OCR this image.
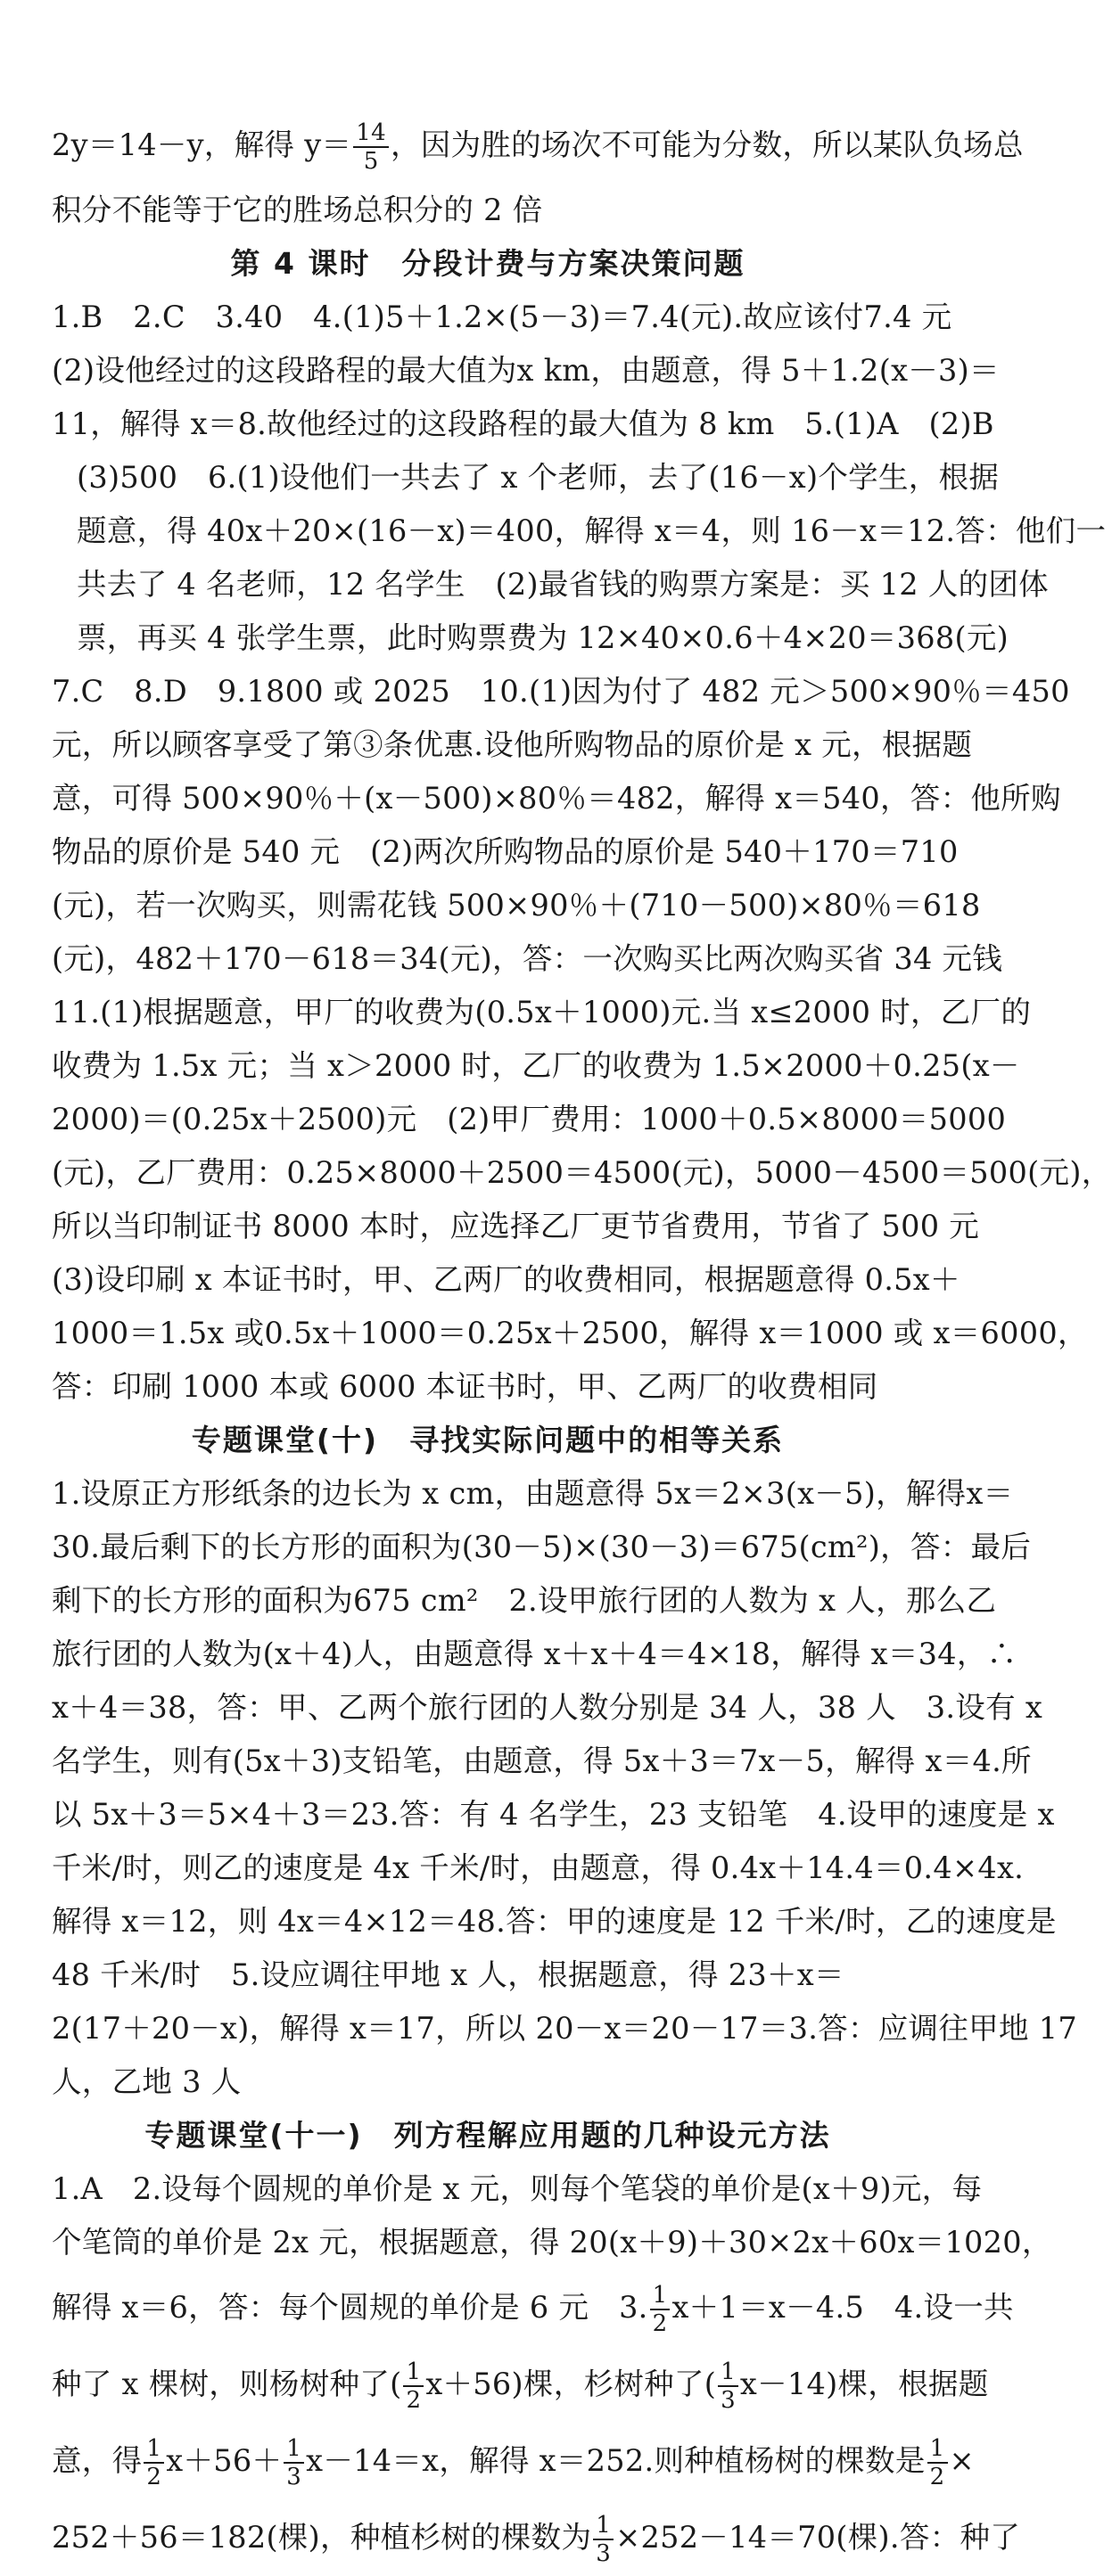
2y＝14－y，解得 $y= \frac{14}{5}$ ，因为胜的场次不可能为分数，所以某队负场总
积分不能等于它的胜场总积分的 2 倍
第 4 课时　分段计费与方案决策问题
1.B　2.C　3.40　4.(1)5＋1.2×(5－3)＝7.4(元).故应该付7.4 元
(2)设他经过的这段路程的最大值为x km，由题意，得 5＋1.2(x－3)＝
11，解得 x＝8.故他经过的这段路程的最大值为 8 km　5.(1)A　(2)B
(3)500　6.(1)设他们一共去了 x 个老师，去了(16－x)个学生，根据
题意，得 40x＋20×(16－x)＝400，解得 x＝4，则 16－x＝12.答：他们一
共去了 4 名老师，12 名学生　(2)最省钱的购票方案是：买 12 人的团体
票，再买 4 张学生票，此时购票费为 12×40×0.6＋4×20＝368(元)
7.C　8.D　9.1800 或 2025　10.(1)因为付了 482 元＞500×90％＝450
元，所以顾客享受了第③条优惠.设他所购物品的原价是 x 元，根据题
意，可得 500×90％＋(x－500)×80％＝482，解得 x＝540，答：他所购
物品的原价是 540 元　(2)两次所购物品的原价是 540＋170＝710
(元)，若一次购买，则需花钱 500×90％＋(710－500)×80％＝618
(元)，482＋170－618＝34(元)，答：一次购买比两次购买省 34 元钱
11.(1)根据题意，甲厂的收费为(0.5x＋1000)元.当 x≤2000 时，乙厂的
收费为 1.5x 元；当 x＞2000 时，乙厂的收费为 1.5×2000＋0.25(x－
2000)＝(0.25x＋2500)元　(2)甲厂费用：1000＋0.5×8000＝5000
(元)，乙厂费用：0.25×8000＋2500＝4500(元)，5000－4500＝500(元)，
所以当印制证书 8000 本时，应选择乙厂更节省费用，节省了 500 元
(3)设印刷 x 本证书时，甲、乙两厂的收费相同，根据题意得 0.5x＋
1000＝1.5x 或0.5x＋1000＝0.25x＋2500，解得 x＝1000 或 x＝6000，
答：印刷 1000 本或 6000 本证书时，甲、乙两厂的收费相同
专题课堂(十)　寻找实际问题中的相等关系
1.设原正方形纸条的边长为 x cm，由题意得 5x＝2×3(x－5)，解得x＝
30.最后剩下的长方形的面积为(30－5)×(30－3)＝675(cm²)，答：最后
剩下的长方形的面积为675 cm²　2.设甲旅行团的人数为 x 人，那么乙
旅行团的人数为(x＋4)人，由题意得 x＋x＋4＝4×18，解得 x＝34，∴
x＋4＝38，答：甲、乙两个旅行团的人数分别是 34 人，38 人　3.设有 x
名学生，则有(5x＋3)支铅笔，由题意，得 5x＋3＝7x－5，解得 x＝4.所
以 5x＋3＝5×4＋3＝23.答：有 4 名学生，23 支铅笔　4.设甲的速度是 x
千米/时，则乙的速度是 4x 千米/时，由题意，得 0.4x＋14.4＝0.4×4x.
解得 x＝12，则 4x＝4×12＝48.答：甲的速度是 12 千米/时，乙的速度是
48 千米/时　5.设应调往甲地 x 人，根据题意，得 23＋x＝
2(17＋20－x)，解得 x＝17，所以 20－x＝20－17＝3.答：应调往甲地 17
人，乙地 3 人
专题课堂(十一)　列方程解应用题的几种设元方法
1.A　2.设每个圆规的单价是 x 元，则每个笔袋的单价是(x＋9)元，每
个笔筒的单价是 2x 元，根据题意，得 20(x＋9)＋30×2x＋60x＝1020，
解得 x＝6，答：每个圆规的单价是 6 元　3. $\frac{1}{2} x+1=x-4.5$　4.设一共
种了 x 棵树，则杨树种了( $\frac{1}{2} x+56$)棵，杉树种了( $\frac{1}{3} x-14$)棵，根据题
意，得 $\frac{1}{2} x+56+ \frac{1}{3} x-14=x$，解得 x＝252.则种植杨树的棵数是 $\frac{1}{2}$ ×
252＋56＝182(棵)，种植杉树的棵数为 $\frac{1}{3} \times 252-14=70$(棵).答：种了
